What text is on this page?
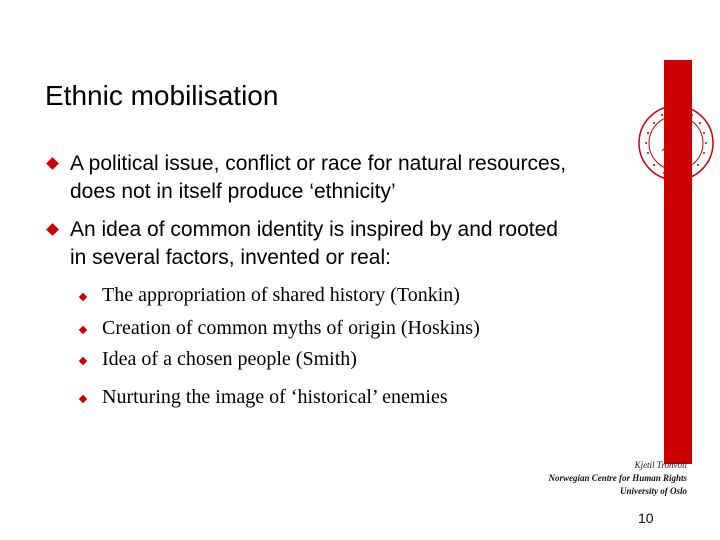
Ethnic mobilisation
A political issue, conflict or race for natural resources,
does not in itself produce ‘ethnicity’
An idea of common identity is inspired by and rooted
in several factors, invented or real:
The appropriation of shared history (Tonkin)
Creation of common myths of origin (Hoskins)
Idea of a chosen people (Smith)
Nurturing the image of ‘historical’ enemies
Kjetil Tronvoll
Norwegian Centre for Human Rights
University of Oslo
10
